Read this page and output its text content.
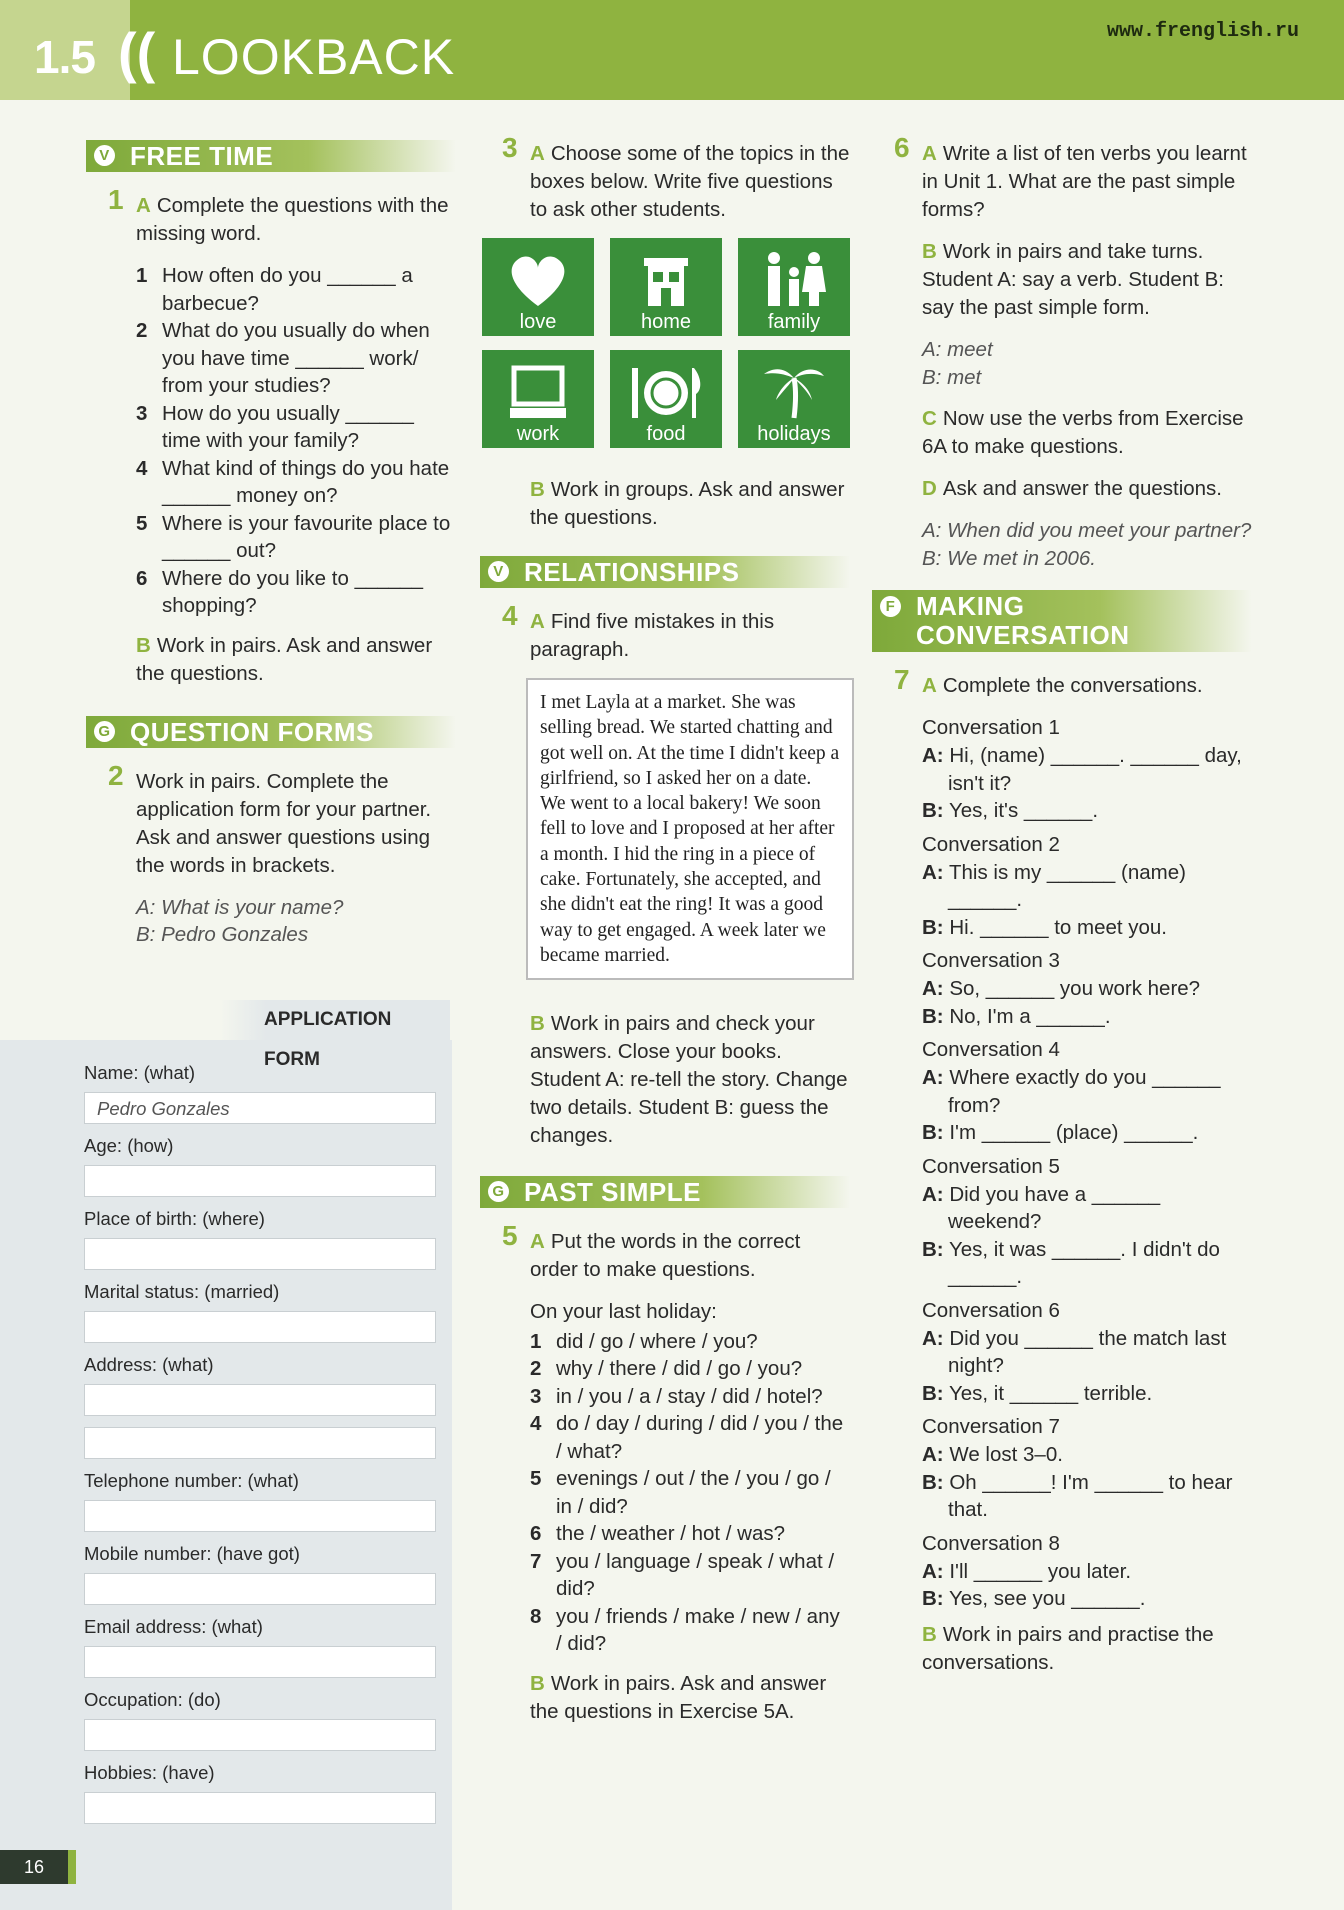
1.5 (( LOOKBACK	www.frenglish.ru
APPLICATION FORM
V FREE TIME
1 A Complete the questions with the missing word.
1 How often do you ______ a barbecue?
2 What do you usually do when you have time ______ work/ from your studies?
3 How do you usually ______ time with your family?
4 What kind of things do you hate ______ money on?
5 Where is your favourite place to ______ out?
6 Where do you like to ______ shopping?
B Work in pairs. Ask and answer the questions.
G QUESTION FORMS
2 Work in pairs. Complete the application form for your partner. Ask and answer questions using the words in brackets.
A: What is your name?
B: Pedro Gonzales
Name: (what)
Pedro Gonzales
Age: (how)
Place of birth: (where)
Marital status: (married)
Address: (what)
Telephone number: (what)
Mobile number: (have got)
Email address: (what)
Occupation: (do)
Hobbies: (have)
3 A Choose some of the topics in the boxes below. Write five questions to ask other students.
love	home	family
work	food	holidays
B Work in groups. Ask and answer the questions.
V RELATIONSHIPS
4 A Find five mistakes in this paragraph.
I met Layla at a market. She was selling bread. We started chatting and got well on. At the time I didn't keep a girlfriend, so I asked her on a date. We went to a local bakery! We soon fell to love and I proposed at her after a month. I hid the ring in a piece of cake. Fortunately, she accepted, and she didn't eat the ring! It was a good way to get engaged. A week later we became married.
B Work in pairs and check your answers. Close your books. Student A: re-tell the story. Change two details. Student B: guess the changes.
G PAST SIMPLE
5 A Put the words in the correct order to make questions.
On your last holiday:
1 did / go / where / you?
2 why / there / did / go / you?
3 in / you / a / stay / did / hotel?
4 do / day / during / did / you / the / what?
5 evenings / out / the / you / go / in / did?
6 the / weather / hot / was?
7 you / language / speak / what / did?
8 you / friends / make / new / any / did?
B Work in pairs. Ask and answer the questions in Exercise 5A.
6 A Write a list of ten verbs you learnt in Unit 1. What are the past simple forms?
B Work in pairs and take turns. Student A: say a verb. Student B: say the past simple form.
A: meet
B: met
C Now use the verbs from Exercise 6A to make questions.
D Ask and answer the questions.
A: When did you meet your partner?
B: We met in 2006.
F MAKING
CONVERSATION
7 A Complete the conversations.
Conversation 1
A: Hi, (name) ______. ______ day, isn't it?
B: Yes, it's ______.
Conversation 2
A: This is my ______ (name) ______.
B: Hi. ______ to meet you.
Conversation 3
A: So, ______ you work here?
B: No, I'm a ______.
Conversation 4
A: Where exactly do you ______ from?
B: I'm ______ (place) ______.
Conversation 5
A: Did you have a ______ weekend?
B: Yes, it was ______. I didn't do ______.
Conversation 6
A: Did you ______ the match last night?
B: Yes, it ______ terrible.
Conversation 7
A: We lost 3–0.
B: Oh ______! I'm ______ to hear that.
Conversation 8
A: I'll ______ you later.
B: Yes, see you ______.
B Work in pairs and practise the conversations.
16
